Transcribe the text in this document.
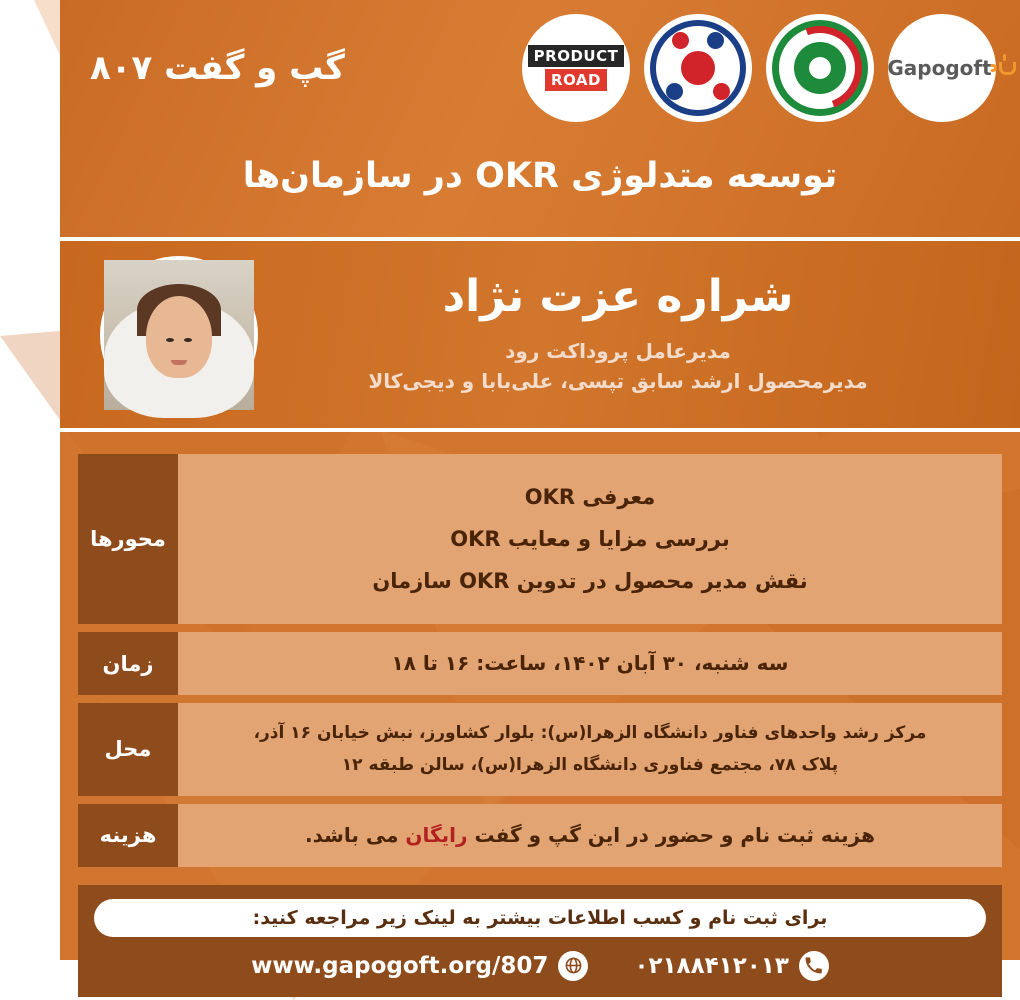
Gapogoft
PRODUCT
ROAD
گپ و گفت ۸۰۷
توسعه متدلوژی OKR در سازمان‌ها
شراره عزت نژاد
مدیرعامل پروداکت رود
مدیرمحصول ارشد سابق تپسی، علی‌بابا و دیجی‌کالا
معرفی OKR
بررسی مزایا و معایب OKR
نقش مدیر محصول در تدوین OKR سازمان	محورها
سه شنبه، ۳۰ آبان ۱۴۰۲، ساعت: ۱۶ تا ۱۸	زمان

مرکز رشد واحدهای فناور دانشگاه الزهرا(س): بلوار کشاورز، نبش خیابان ۱۶ آذر،
پلاک ۷۸، مجتمع فناوری دانشگاه الزهرا(س)، سالن طبقه ۱۲	محل
هزینه ثبت نام و حضور در این گپ و گفت رایگان می باشد.	هزینه
برای ثبت نام و کسب اطلاعات بیشتر به لینک زیر مراجعه کنید:
۰۲۱۸۸۴۱۲۰۱۳
www.gapogoft.org/807
